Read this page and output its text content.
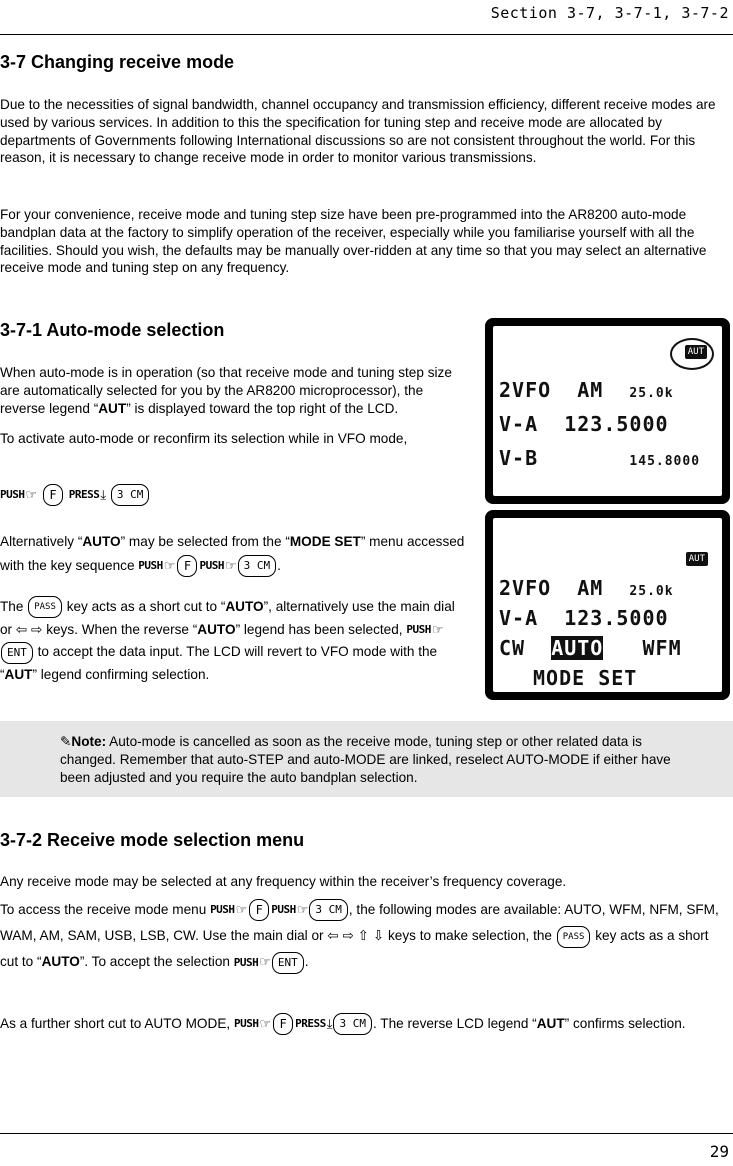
Section 3-7, 3-7-1, 3-7-2
3-7 Changing receive mode

Due to the necessities of signal bandwidth, channel occupancy and transmission efficiency, different receive modes are used by various services. In addition to this the specification for tuning step and receive mode are allocated by departments of Governments following International discussions so are not consistent throughout the world. For this reason, it is necessary to change receive mode in order to monitor various transmissions.

For your convenience, receive mode and tuning step size have been pre-programmed into the AR8200 auto-mode bandplan data at the factory to simplify operation of the receiver, especially while you familiarise yourself with all the facilities. Should you wish, the defaults may be manually over-ridden at any time so that you may select an alternative receive mode and tuning step on any frequency.

3-7-1 Auto-mode selection

When auto-mode is in operation (so that receive mode and tuning step size are automatically selected for you by the AR8200 microprocessor), the reverse legend “AUT” is displayed toward the top right of the LCD.

To activate auto-mode or reconfirm its selection while in VFO mode,

PUSH☞ F PRESS⤓ 3 CM

Alternatively “AUTO” may be selected from the “MODE SET” menu accessed with the key sequence PUSH☞ F PUSH☞ 3 CM .

The PASS key acts as a short cut to “AUTO”, alternatively use the main dial or ⇦ ⇨ keys. When the reverse “AUTO” legend has been selected, PUSH☞ENT to accept the data input. The LCD will revert to VFO mode with the “AUT” legend confirming selection.

AUT
2VFO  AM 25.0k
V-A 123.5000
V-B	145.8000
AUT
2VFO  AM 25.0k
V-A 123.5000
CW AUTO WFM
MODE SET

✎Note: Auto-mode is cancelled as soon as the receive mode, tuning step or other related data is changed. Remember that auto-STEP and auto-MODE are linked, reselect AUTO-MODE if either have been adjusted and you require the auto bandplan selection.

3-7-2 Receive mode selection menu

Any receive mode may be selected at any frequency within the receiver’s frequency coverage.

To access the receive mode menu PUSH☞ F PUSH☞ 3 CM , the following modes are available: AUTO, WFM, NFM, SFM, WAM, AM, SAM, USB, LSB, CW. Use the main dial or ⇦ ⇨ ⇧ ⇩ keys to make selection, the PASS key acts as a short cut to “AUTO”. To accept the selection PUSH☞ ENT .

As a further short cut to AUTO MODE, PUSH☞ F PRESS⤓ 3 CM . The reverse LCD legend “AUT” confirms selection.

29
